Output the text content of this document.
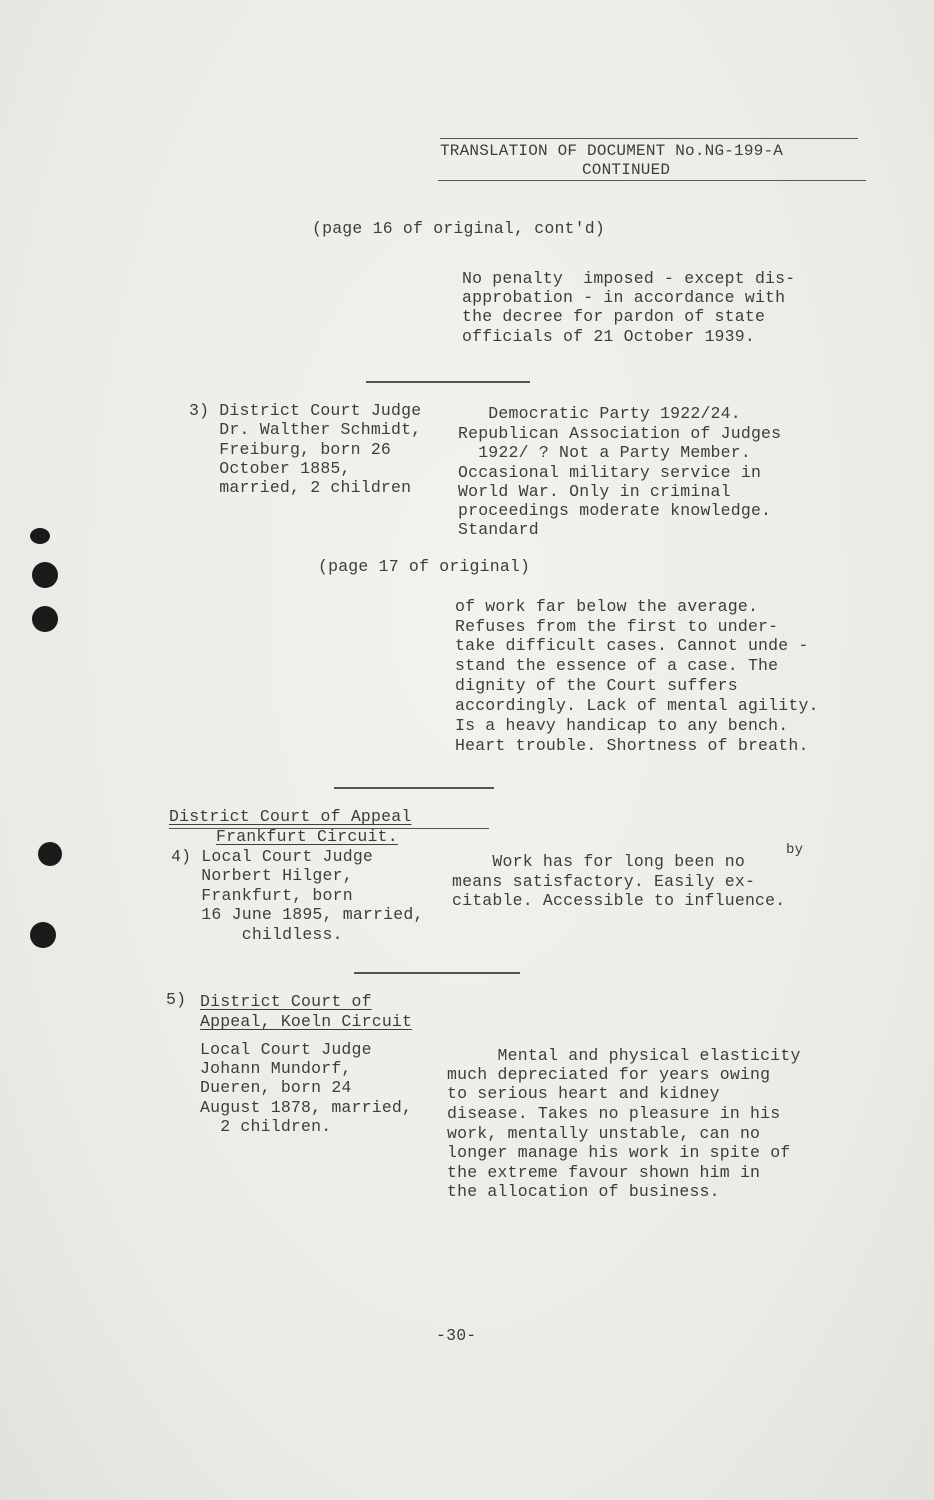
TRANSLATION OF DOCUMENT No.NG-199-A
CONTINUED
(page 16 of original, cont'd)
No penalty  imposed - except dis-
approbation - in accordance with
the decree for pardon of state
officials of 21 October 1939.
3) District Court Judge
Dr. Walther Schmidt,
Freiburg, born 26
October 1885,
married, 2 children
Democratic Party 1922/24.
Republican Association of Judges
1922/ ? Not a Party Member.
Occasional military service in
World War. Only in criminal
proceedings moderate knowledge.
Standard
(page 17 of original)
of work far below the average.
Refuses from the first to under-
take difficult cases. Cannot unde -
stand the essence of a case. The
dignity of the Court suffers
accordingly. Lack of mental agility.
Is a heavy handicap to any bench.
Heart trouble. Shortness of breath.
District Court of Appeal
Frankfurt Circuit.
4) Local Court Judge
Norbert Hilger,
Frankfurt, born
16 June 1895, married,
childless.
by
Work has for long been no
means satisfactory. Easily ex-
citable. Accessible to influence.
5) District Court of
Appeal, Koeln Circuit
Local Court Judge
Johann Mundorf,
Dueren, born 24
August 1878, married,
2 children.
Mental and physical elasticity
much depreciated for years owing
to serious heart and kidney
disease. Takes no pleasure in his
work, mentally unstable, can no
longer manage his work in spite of
the extreme favour shown him in
the allocation of business.
-30-
